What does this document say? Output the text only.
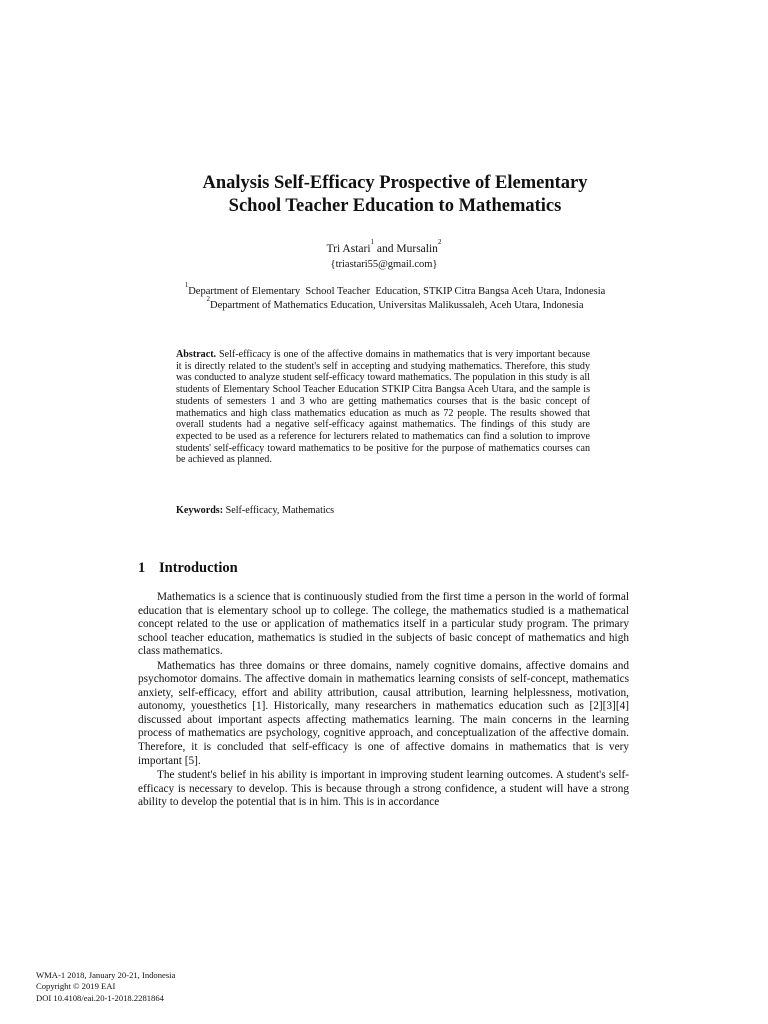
Analysis Self-Efficacy Prospective of Elementary
School Teacher Education to Mathematics
Tri Astari$^1$ and Mursalin$^2$
{triastari55@gmail.com}
$^1$Department of Elementary  School Teacher  Education, STKIP Citra Bangsa Aceh Utara, Indonesia
$^2$Department of Mathematics Education, Universitas Malikussaleh, Aceh Utara, Indonesia
Abstract. Self-efficacy is one of the affective domains in mathematics that is very important because it is directly related to the student's self in accepting and studying mathematics. Therefore, this study was conducted to analyze student self-efficacy toward mathematics. The population in this study is all students of Elementary School Teacher Education STKIP Citra Bangsa Aceh Utara, and the sample is students of semesters 1 and 3 who are getting mathematics courses that is the basic concept of mathematics and high class mathematics education as much as 72 people. The results showed that overall students had a negative self-efficacy against mathematics. The findings of this study are expected to be used as a reference for lecturers related to mathematics can find a solution to improve students' self-efficacy toward mathematics to be positive for the purpose of mathematics courses can be achieved as planned.
Keywords: Self-efficacy, Mathematics
1 Introduction

Mathematics is a science that is continuously studied from the first time a person in the world of formal education that is elementary school up to college. The college, the mathematics studied is a mathematical concept related to the use or application of mathematics itself in a particular study program. The primary school teacher education, mathematics is studied in the subjects of basic concept of mathematics and high class mathematics.

Mathematics has three domains or three domains, namely cognitive domains, affective domains and psychomotor domains. The affective domain in mathematics learning consists of self-concept, mathematics anxiety, self-efficacy, effort and ability attribution, causal attribution, learning helplessness, motivation, autonomy, youesthetics [1]. Historically, many researchers in mathematics education such as [2][3][4] discussed about important aspects affecting mathematics learning. The main concerns in the learning process of mathematics are psychology, cognitive approach, and conceptualization of the affective domain. Therefore, it is concluded that self-efficacy is one of affective domains in mathematics that is very important [5].

The student's belief in his ability is important in improving student learning outcomes. A student's self-efficacy is necessary to develop. This is because through a strong confidence, a student will have a strong ability to develop the potential that is in him. This is in accordance

WMA-1 2018, January 20-21, Indonesia
Copyright © 2019 EAI
DOI 10.4108/eai.20-1-2018.2281864
